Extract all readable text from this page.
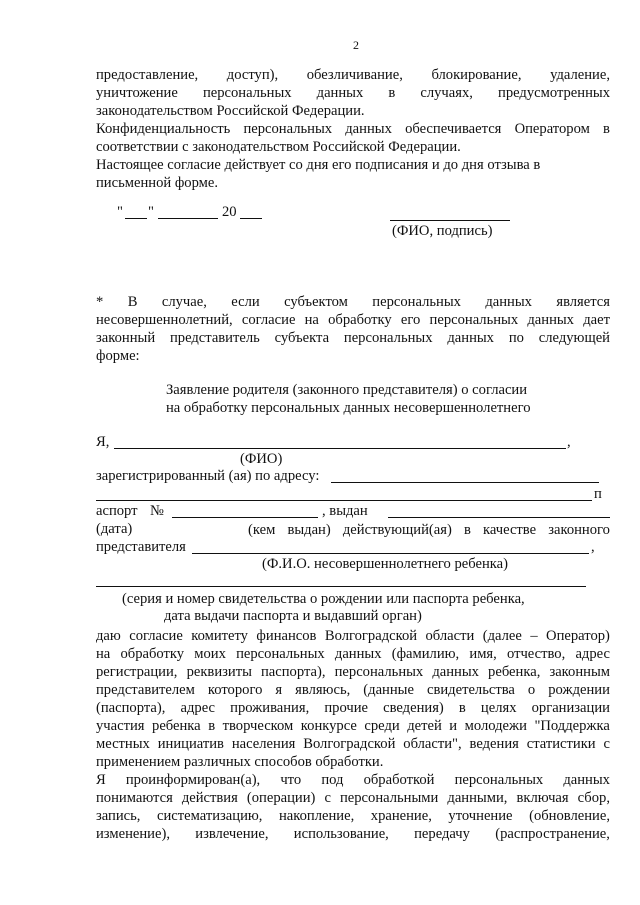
2
предоставление, доступ), обезличивание, блокирование, удаление,
уничтожение персональных данных в случаях, предусмотренных
законодательством Российской Федерации.
Конфиденциальность персональных данных обеспечивается Оператором в
соответствии с законодательством Российской Федерации.
Настоящее согласие действует со дня его подписания и до дня отзыва в
письменной форме.
" "	20
(ФИО, подпись)
* В случае, если субъектом персональных данных является
несовершеннолетний, согласие на обработку его персональных данных дает
законный представитель субъекта персональных данных по следующей
форме:
Заявление родителя (законного представителя) о согласии
на обработку персональных данных несовершеннолетнего
Я,	,
(ФИО)
зарегистрированный (ая) по адресу:
п
аспорт №	, выдан
(дата)	(кем выдан) действующий(ая) в качестве законного
представителя	,
(Ф.И.О. несовершеннолетнего ребенка)
(серия и номер свидетельства о рождении или паспорта ребенка,
дата выдачи паспорта и выдавший орган)
даю согласие комитету финансов Волгоградской области (далее – Оператор)
на обработку моих персональных данных (фамилию, имя, отчество, адрес
регистрации, реквизиты паспорта), персональных данных ребенка, законным
представителем которого я являюсь, (данные свидетельства о рождении
(паспорта), адрес проживания, прочие сведения) в целях организации
участия ребенка в творческом конкурсе среди детей и молодежи "Поддержка
местных инициатив населения Волгоградской области", ведения статистики с
применением различных способов обработки.
Я проинформирован(а), что под обработкой персональных данных
понимаются действия (операции) с персональными данными, включая сбор,
запись, систематизацию, накопление, хранение, уточнение (обновление,
изменение), извлечение, использование, передачу (распространение,
